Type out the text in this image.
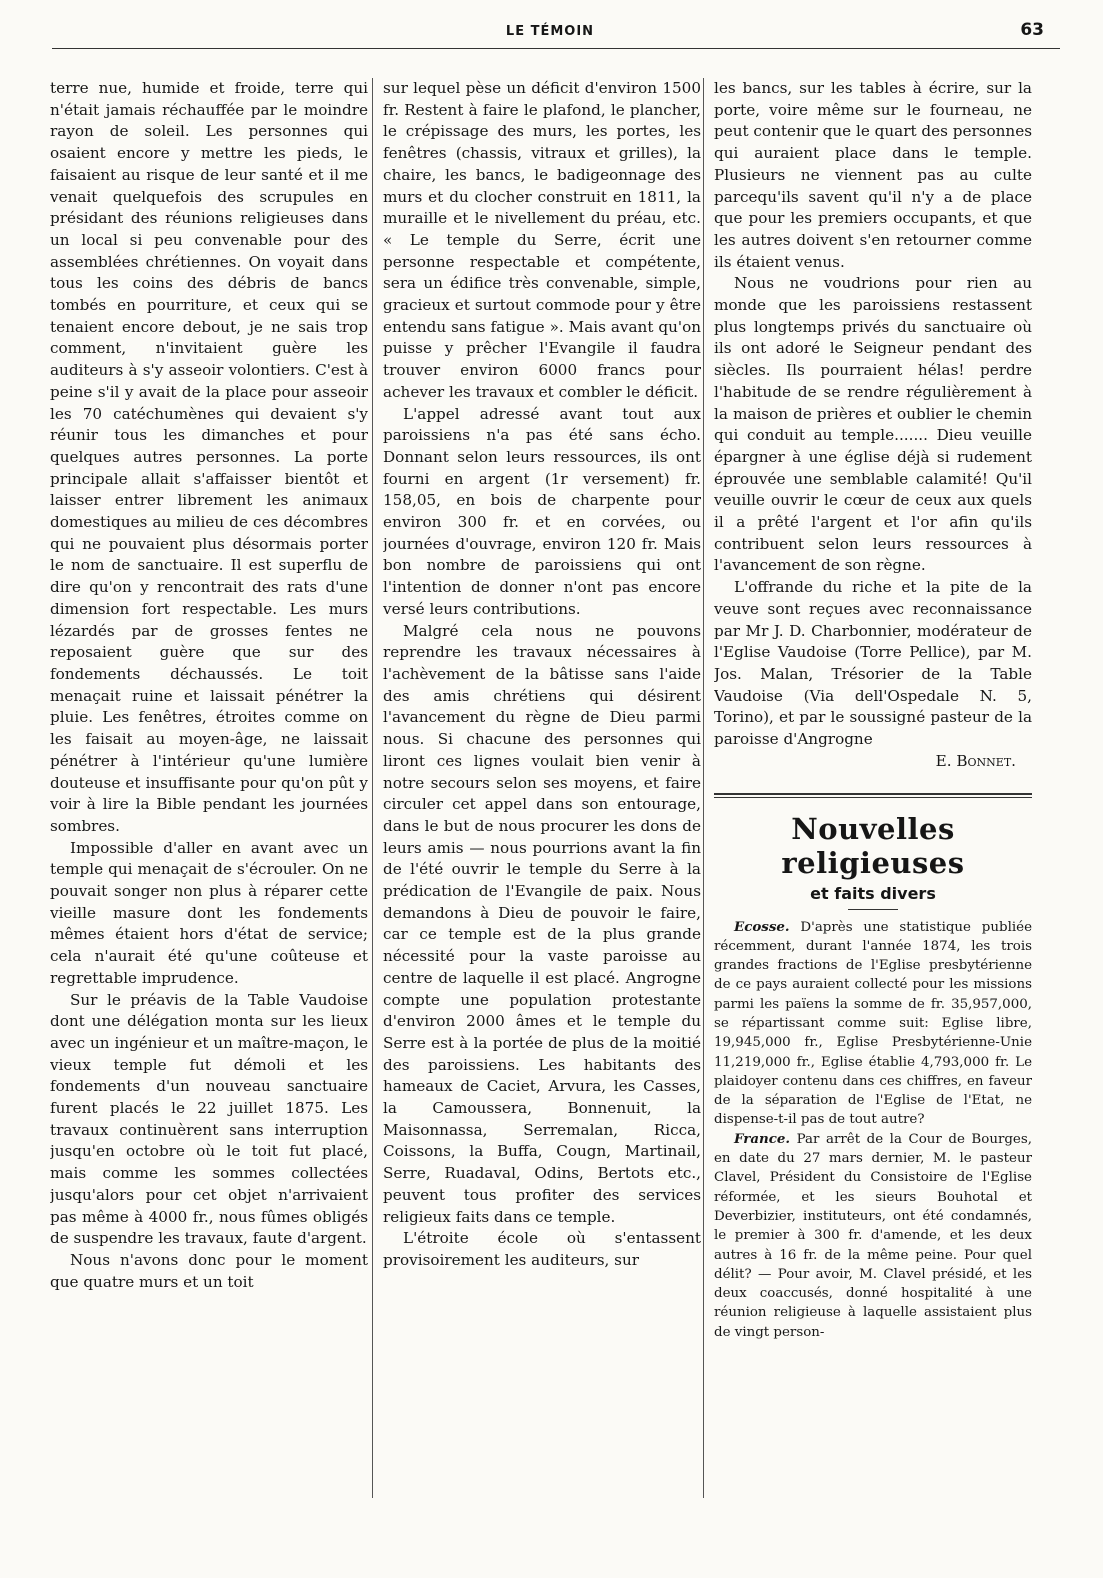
LE TÉMOIN	63

terre nue, humide et froide, terre qui n'était jamais réchauffée par le moindre rayon de soleil. Les personnes qui osaient encore y mettre les pieds, le faisaient au risque de leur santé et il me venait quelquefois des scrupules en présidant des réunions religieuses dans un local si peu convenable pour des assemblées chrétiennes. On voyait dans tous les coins des débris de bancs tombés en pourriture, et ceux qui se tenaient encore debout, je ne sais trop comment, n'invitaient guère les auditeurs à s'y asseoir volontiers. C'est à peine s'il y avait de la place pour asseoir les 70 catéchumènes qui devaient s'y réunir tous les dimanches et pour quelques autres personnes. La porte principale allait s'affaisser bientôt et laisser entrer librement les animaux domestiques au milieu de ces décombres qui ne pouvaient plus désormais porter le nom de sanctuaire. Il est superflu de dire qu'on y rencontrait des rats d'une dimension fort respectable. Les murs lézardés par de grosses fentes ne reposaient guère que sur des fondements déchaussés. Le toit menaçait ruine et laissait pénétrer la pluie. Les fenêtres, étroites comme on les faisait au moyen-âge, ne laissait pénétrer à l'intérieur qu'une lumière douteuse et insuffisante pour qu'on pût y voir à lire la Bible pendant les journées sombres.

Impossible d'aller en avant avec un temple qui menaçait de s'écrouler. On ne pouvait songer non plus à réparer cette vieille masure dont les fondements mêmes étaient hors d'état de service; cela n'aurait été qu'une coûteuse et regrettable imprudence.

Sur le préavis de la Table Vaudoise dont une délégation monta sur les lieux avec un ingénieur et un maître-maçon, le vieux temple fut démoli et les fondements d'un nouveau sanctuaire furent placés le 22 juillet 1875. Les travaux continuèrent sans interruption jusqu'en octobre où le toit fut placé, mais comme les sommes collectées jusqu'alors pour cet objet n'arrivaient pas même à 4000 fr., nous fûmes obligés de suspendre les travaux, faute d'argent.

Nous n'avons donc pour le moment que quatre murs et un toit

sur lequel pèse un déficit d'environ 1500 fr. Restent à faire le plafond, le plancher, le crépissage des murs, les portes, les fenêtres (chassis, vitraux et grilles), la chaire, les bancs, le badigeonnage des murs et du clocher construit en 1811, la muraille et le nivellement du préau, etc. « Le temple du Serre, écrit une personne respectable et compétente, sera un édifice très convenable, simple, gracieux et surtout commode pour y être entendu sans fatigue ». Mais avant qu'on puisse y prêcher l'Evangile il faudra trouver environ 6000 francs pour achever les travaux et combler le déficit.

L'appel adressé avant tout aux paroissiens n'a pas été sans écho. Donnant selon leurs ressources, ils ont fourni en argent (1r versement) fr. 158,05, en bois de charpente pour environ 300 fr. et en corvées, ou journées d'ouvrage, environ 120 fr. Mais bon nombre de paroissiens qui ont l'intention de donner n'ont pas encore versé leurs contributions.

Malgré cela nous ne pouvons reprendre les travaux nécessaires à l'achèvement de la bâtisse sans l'aide des amis chrétiens qui désirent l'avancement du règne de Dieu parmi nous. Si chacune des personnes qui liront ces lignes voulait bien venir à notre secours selon ses moyens, et faire circuler cet appel dans son entourage, dans le but de nous procurer les dons de leurs amis — nous pourrions avant la fin de l'été ouvrir le temple du Serre à la prédication de l'Evangile de paix. Nous demandons à Dieu de pouvoir le faire, car ce temple est de la plus grande nécessité pour la vaste paroisse au centre de laquelle il est placé. Angrogne compte une population protestante d'environ 2000 âmes et le temple du Serre est à la portée de plus de la moitié des paroissiens. Les habitants des hameaux de Caciet, Arvura, les Casses, la Camoussera, Bonnenuit, la Maisonnassa, Serremalan, Ricca, Coissons, la Buffa, Cougn, Martinail, Serre, Ruadaval, Odins, Bertots etc., peuvent tous profiter des services religieux faits dans ce temple.

L'étroite école où s'entassent provisoirement les auditeurs, sur

les bancs, sur les tables à écrire, sur la porte, voire même sur le fourneau, ne peut contenir que le quart des personnes qui auraient place dans le temple. Plusieurs ne viennent pas au culte parcequ'ils savent qu'il n'y a de place que pour les premiers occupants, et que les autres doivent s'en retourner comme ils étaient venus.

Nous ne voudrions pour rien au monde que les paroissiens restassent plus longtemps privés du sanctuaire où ils ont adoré le Seigneur pendant des siècles. Ils pourraient hélas! perdre l'habitude de se rendre régulièrement à la maison de prières et oublier le chemin qui conduit au temple....... Dieu veuille épargner à une église déjà si rudement éprouvée une semblable calamité! Qu'il veuille ouvrir le cœur de ceux aux quels il a prêté l'argent et l'or afin qu'ils contribuent selon leurs ressources à l'avancement de son règne.

L'offrande du riche et la pite de la veuve sont reçues avec reconnaissance par Mr J. D. Charbonnier, modérateur de l'Eglise Vaudoise (Torre Pellice), par M. Jos. Malan, Trésorier de la Table Vaudoise (Via dell'Ospedale N. 5, Torino), et par le soussigné pasteur de la paroisse d'Angrogne

E. Bonnet.

Nouvelles religieuses
et faits divers

Ecosse. D'après une statistique publiée récemment, durant l'année 1874, les trois grandes fractions de l'Eglise presbytérienne de ce pays auraient collecté pour les missions parmi les païens la somme de fr. 35,957,000, se répartissant comme suit: Eglise libre, 19,945,000 fr., Eglise Presbytérienne-Unie 11,219,000 fr., Eglise établie 4,793,000 fr. Le plaidoyer contenu dans ces chiffres, en faveur de la séparation de l'Eglise de l'Etat, ne dispense-t-il pas de tout autre?

France. Par arrêt de la Cour de Bourges, en date du 27 mars dernier, M. le pasteur Clavel, Président du Consistoire de l'Eglise réformée, et les sieurs Bouhotal et Deverbizier, instituteurs, ont été condamnés, le premier à 300 fr. d'amende, et les deux autres à 16 fr. de la même peine. Pour quel délit? — Pour avoir, M. Clavel présidé, et les deux coaccusés, donné hospitalité à une réunion religieuse à laquelle assistaient plus de vingt person-
